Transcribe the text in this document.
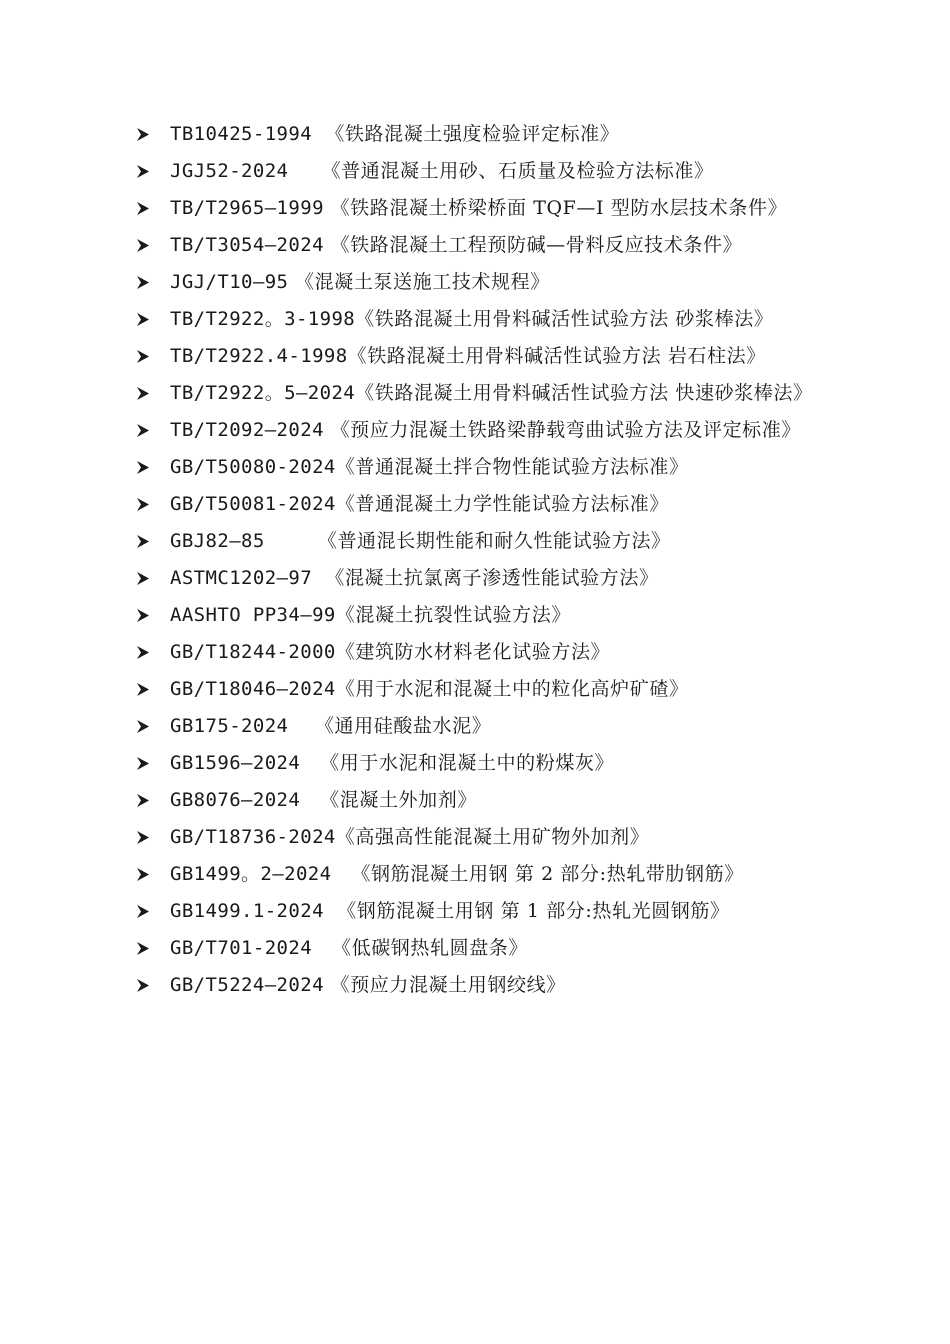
TB10425-1994 《铁路混凝土强度检验评定标准》
JGJ52-2024 《普通混凝土用砂、石质量及检验方法标准》
TB/T2965—1999 《铁路混凝土桥梁桥面 TQF—Ⅰ 型防水层技术条件》
TB/T3054—2024 《铁路混凝土工程预防碱—骨料反应技术条件》
JGJ/T10—95 《混凝土泵送施工技术规程》
TB/T2922。3-1998《铁路混凝土用骨料碱活性试验方法 砂浆棒法》
TB/T2922.4-1998《铁路混凝土用骨料碱活性试验方法 岩石柱法》
TB/T2922。5—2024《铁路混凝土用骨料碱活性试验方法 快速砂浆棒法》
TB/T2092—2024 《预应力混凝土铁路梁静载弯曲试验方法及评定标准》
GB/T50080-2024《普通混凝土拌合物性能试验方法标准》
GB/T50081-2024《普通混凝土力学性能试验方法标准》
GBJ82—85	《普通混长期性能和耐久性能试验方法》
ASTMC1202—97 《混凝土抗氯离子渗透性能试验方法》
AASHTO PP34—99《混凝土抗裂性试验方法》
GB/T18244-2000《建筑防水材料老化试验方法》
GB/T18046—2024《用于水泥和混凝土中的粒化高炉矿碴》
GB175-2024 《通用硅酸盐水泥》
GB1596—2024 《用于水泥和混凝土中的粉煤灰》
GB8076—2024 《混凝土外加剂》
GB/T18736-2024《高强高性能混凝土用矿物外加剂》
GB1499。2—2024 《钢筋混凝土用钢 第 2 部分:热轧带肋钢筋》
GB1499.1-2024 《钢筋混凝土用钢 第 1 部分:热轧光圆钢筋》
GB/T701-2024 《低碳钢热轧圆盘条》
GB/T5224—2024 《预应力混凝土用钢绞线》
